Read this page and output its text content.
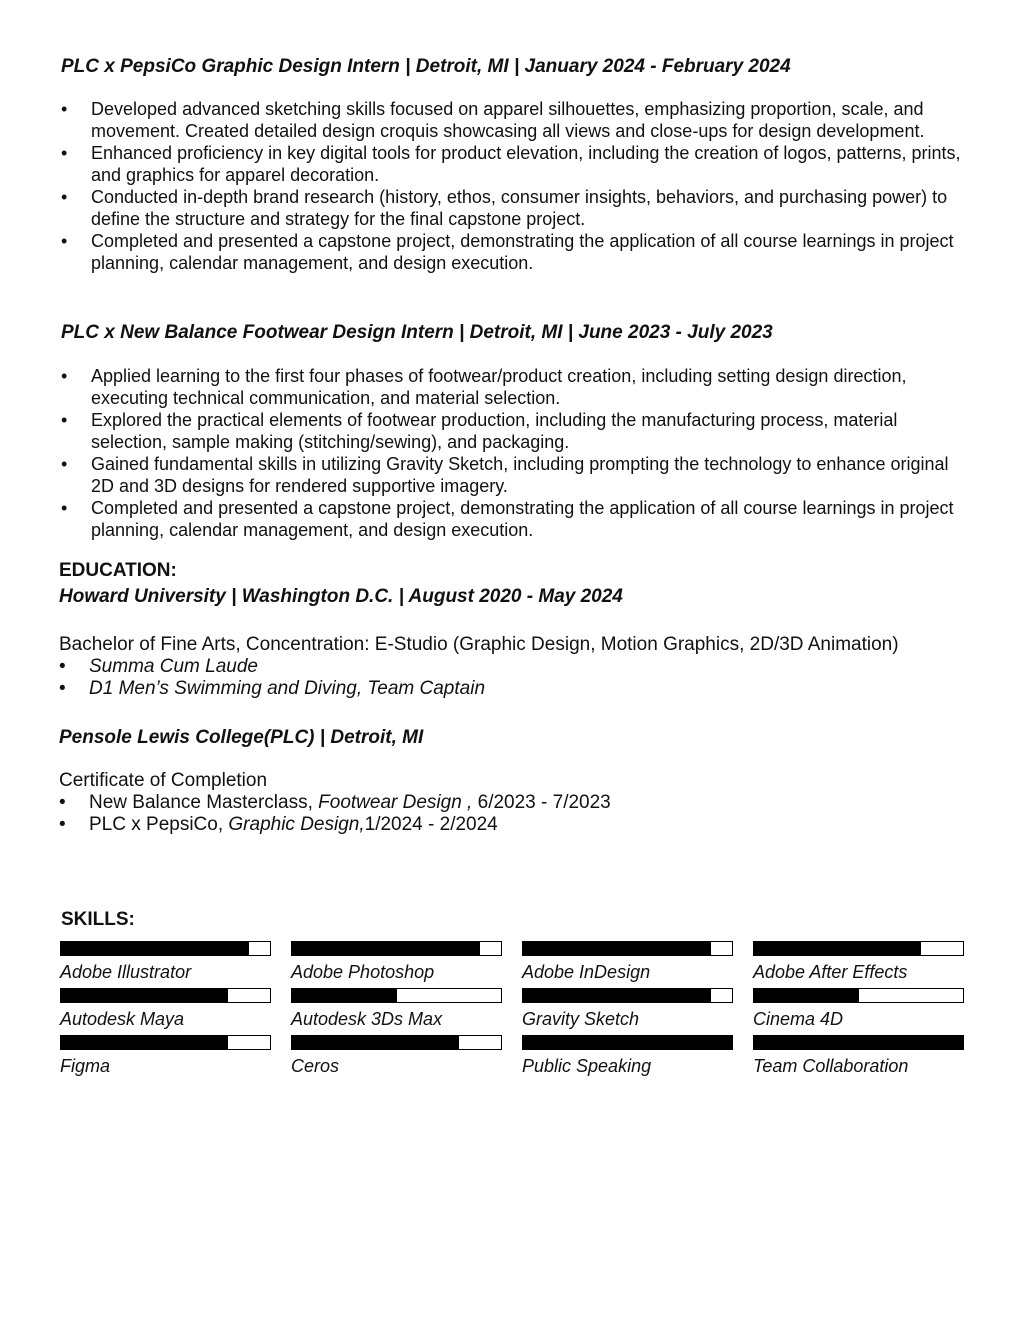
PLC x PepsiCo Graphic Design Intern | Detroit, MI | January 2024 - February 2024
•	Developed advanced sketching skills focused on apparel silhouettes, emphasizing proportion, scale, and movement. Created detailed design croquis showcasing all views and close-ups for design development.
•	Enhanced proficiency in key digital tools for product elevation, including the creation of logos, patterns, prints, and graphics for apparel decoration.
•	Conducted in-depth brand research (history, ethos, consumer insights, behaviors, and purchasing power) to define the structure and strategy for the final capstone project.
•	Completed and presented a capstone project, demonstrating the application of all course learnings in project planning, calendar management, and design execution.
PLC x New Balance Footwear Design Intern | Detroit, MI | June 2023 - July 2023
•	Applied learning to the first four phases of footwear/product creation, including setting design direction, executing technical communication, and material selection.
•	Explored the practical elements of footwear production, including the manufacturing process, material selection, sample making (stitching/sewing), and packaging.
•	Gained fundamental skills in utilizing Gravity Sketch, including prompting the technology to enhance original 2D and 3D designs for rendered supportive imagery.
•	Completed and presented a capstone project, demonstrating the application of all course learnings in project planning, calendar management, and design execution.
EDUCATION:
Howard University | Washington D.C. | August 2020 - May 2024
Bachelor of Fine Arts, Concentration: E-Studio (Graphic Design, Motion Graphics, 2D/3D Animation)
•	Summa Cum Laude
•	D1 Men’s Swimming and Diving, Team Captain
Pensole Lewis College(PLC) | Detroit, MI
Certificate of Completion
•	New Balance Masterclass, Footwear Design , 6/2023 - 7/2023
•	PLC x PepsiCo, Graphic Design,1/2024 - 2/2024
SKILLS:
Adobe Illustrator	Adobe Photoshop	Adobe InDesign	Adobe After Effects
Autodesk Maya	Autodesk 3Ds Max	Gravity Sketch	Cinema 4D
Figma	Ceros	Public Speaking	Team Collaboration
